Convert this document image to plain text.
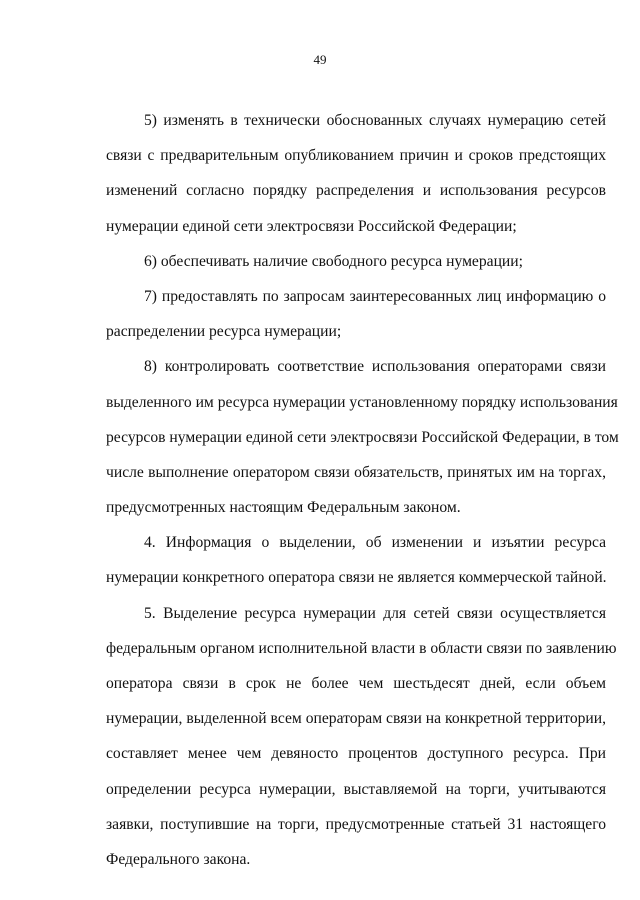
49
5) изменять в технически обоснованных случаях нумерацию сетей
связи с предварительным опубликованием причин и сроков предстоящих
изменений согласно порядку распределения и использования ресурсов
нумерации единой сети электросвязи Российской Федерации;
6) обеспечивать наличие свободного ресурса нумерации;
7) предоставлять по запросам заинтересованных лиц информацию о
распределении ресурса нумерации;
8) контролировать соответствие использования операторами связи
выделенного им ресурса нумерации установленному порядку использования
ресурсов нумерации единой сети электросвязи Российской Федерации, в том
числе выполнение оператором связи обязательств, принятых им на торгах,
предусмотренных настоящим Федеральным законом.
4. Информация о выделении, об изменении и изъятии ресурса
нумерации конкретного оператора связи не является коммерческой тайной.
5. Выделение ресурса нумерации для сетей связи осуществляется
федеральным органом исполнительной власти в области связи по заявлению
оператора связи в срок не более чем шестьдесят дней, если объем
нумерации, выделенной всем операторам связи на конкретной территории,
составляет менее чем девяносто процентов доступного ресурса. При
определении ресурса нумерации, выставляемой на торги, учитываются
заявки, поступившие на торги, предусмотренные статьей 31 настоящего
Федерального закона.
